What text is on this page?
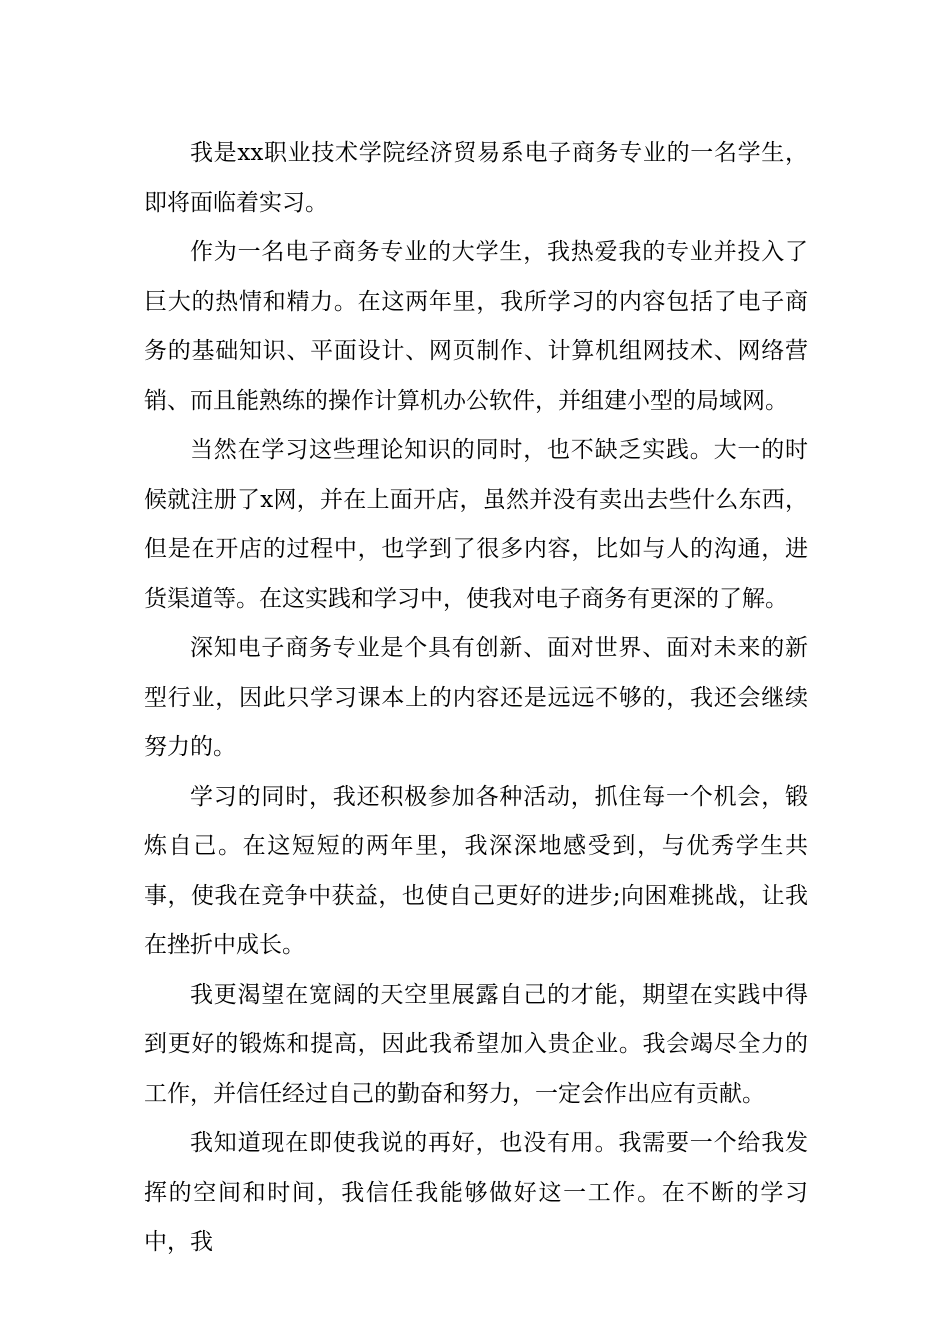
我是xx职业技术学院经济贸易系电子商务专业的一名学生，即将面临着实习。

作为一名电子商务专业的大学生，我热爱我的专业并投入了巨大的热情和精力。在这两年里，我所学习的内容包括了电子商务的基础知识、平面设计、网页制作、计算机组网技术、网络营销、而且能熟练的操作计算机办公软件，并组建小型的局域网。

当然在学习这些理论知识的同时，也不缺乏实践。大一的时候就注册了x网，并在上面开店，虽然并没有卖出去些什么东西，但是在开店的过程中，也学到了很多内容，比如与人的沟通，进货渠道等。在这实践和学习中，使我对电子商务有更深的了解。

深知电子商务专业是个具有创新、面对世界、面对未来的新型行业，因此只学习课本上的内容还是远远不够的，我还会继续努力的。

学习的同时，我还积极参加各种活动，抓住每一个机会，锻炼自己。在这短短的两年里，我深深地感受到，与优秀学生共事，使我在竞争中获益，也使自己更好的进步;向困难挑战，让我在挫折中成长。

我更渴望在宽阔的天空里展露自己的才能，期望在实践中得到更好的锻炼和提高，因此我希望加入贵企业。我会竭尽全力的工作，并信任经过自己的勤奋和努力，一定会作出应有贡献。

我知道现在即使我说的再好，也没有用。我需要一个给我发挥的空间和时间，我信任我能够做好这一工作。在不断的学习中，我
